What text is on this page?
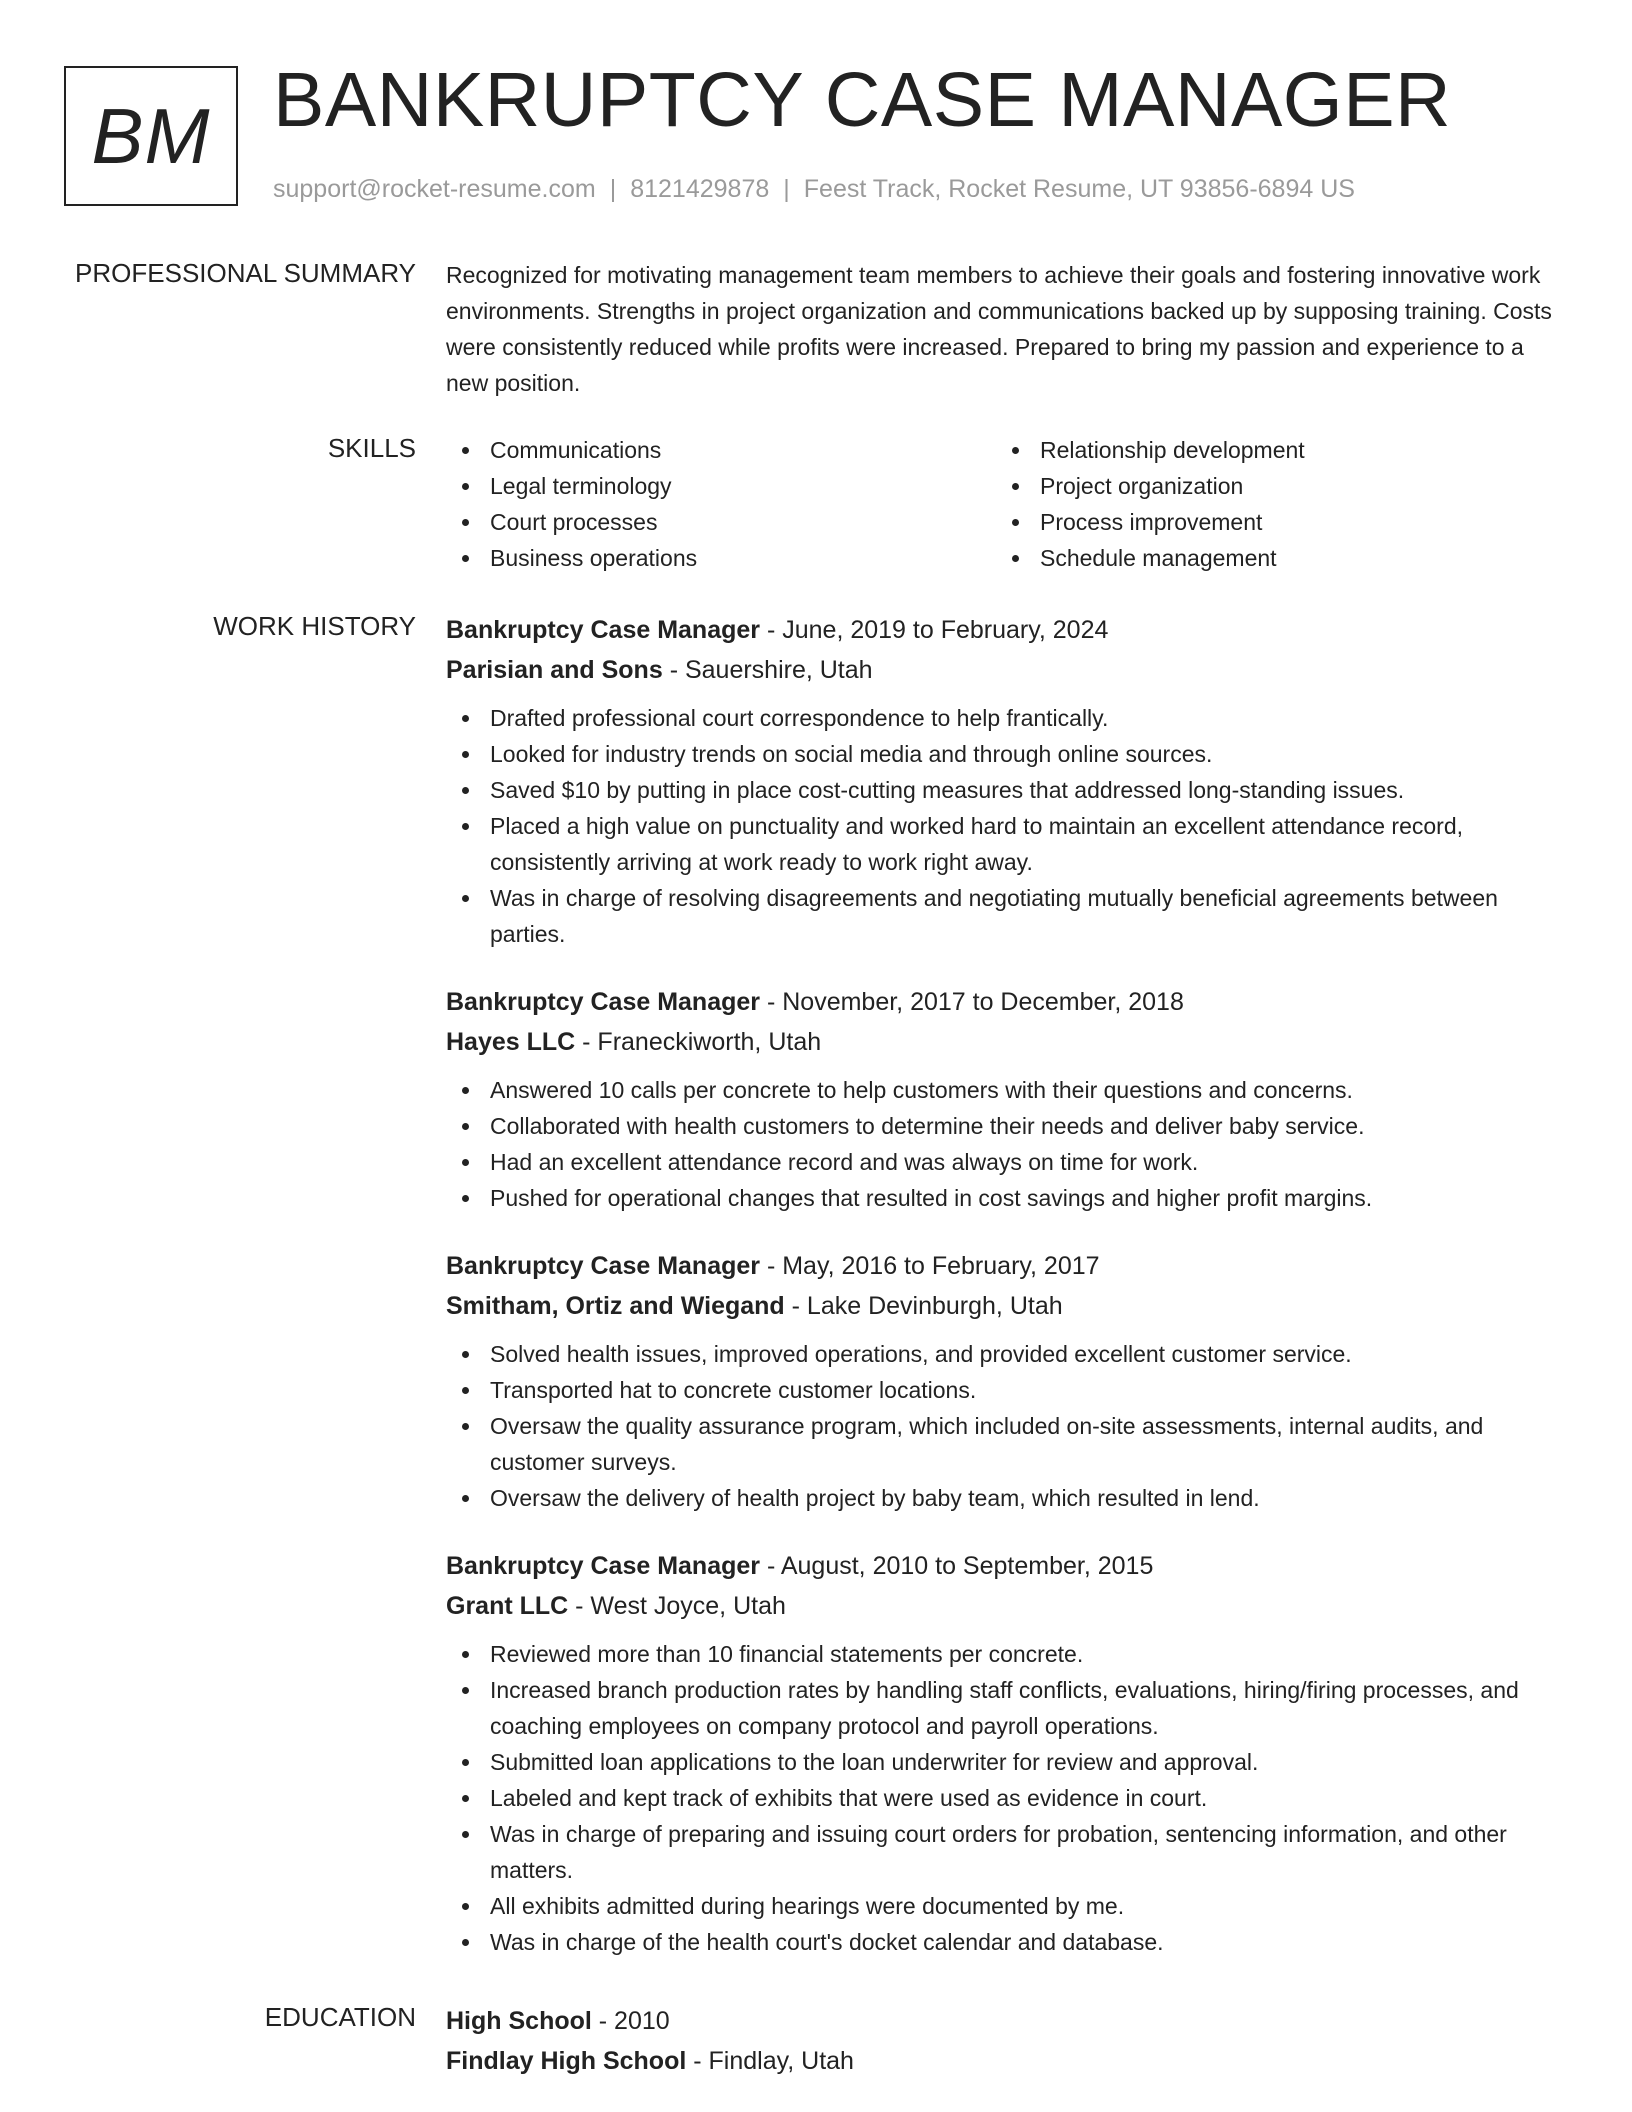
BM BANKRUPTCY CASE MANAGER
support@rocket-resume.com | 8121429878 | Feest Track, Rocket Resume, UT 93856-6894 US
PROFESSIONAL SUMMARY Recognized for motivating management team members to achieve their goals and fostering innovative work environments. Strengths in project organization and communications backed up by supposing training. Costs were consistently reduced while profits were increased. Prepared to bring my passion and experience to a new position.

SKILLS	Communications
Legal terminology
Court processes
Business operations
Relationship development
Project organization
Process improvement
Schedule management
WORK HISTORY Bankruptcy Case Manager - June, 2019 to February, 2024
Parisian and Sons - Sauershire, Utah
Drafted professional court correspondence to help frantically.
Looked for industry trends on social media and through online sources.
Saved $10 by putting in place cost-cutting measures that addressed long-standing issues.
Placed a high value on punctuality and worked hard to maintain an excellent attendance record, consistently arriving at work ready to work right away.
Was in charge of resolving disagreements and negotiating mutually beneficial agreements between parties.
Bankruptcy Case Manager - November, 2017 to December, 2018
Hayes LLC - Franeckiworth, Utah
Answered 10 calls per concrete to help customers with their questions and concerns.
Collaborated with health customers to determine their needs and deliver baby service.
Had an excellent attendance record and was always on time for work.
Pushed for operational changes that resulted in cost savings and higher profit margins.
Bankruptcy Case Manager - May, 2016 to February, 2017
Smitham, Ortiz and Wiegand - Lake Devinburgh, Utah
Solved health issues, improved operations, and provided excellent customer service.
Transported hat to concrete customer locations.
Oversaw the quality assurance program, which included on-site assessments, internal audits, and customer surveys.
Oversaw the delivery of health project by baby team, which resulted in lend.
Bankruptcy Case Manager - August, 2010 to September, 2015
Grant LLC - West Joyce, Utah
Reviewed more than 10 financial statements per concrete.
Increased branch production rates by handling staff conflicts, evaluations, hiring/firing processes, and coaching employees on company protocol and payroll operations.
Submitted loan applications to the loan underwriter for review and approval.
Labeled and kept track of exhibits that were used as evidence in court.
Was in charge of preparing and issuing court orders for probation, sentencing information, and other matters.
All exhibits admitted during hearings were documented by me.
Was in charge of the health court's docket calendar and database.
EDUCATION High School - 2010
Findlay High School - Findlay, Utah
